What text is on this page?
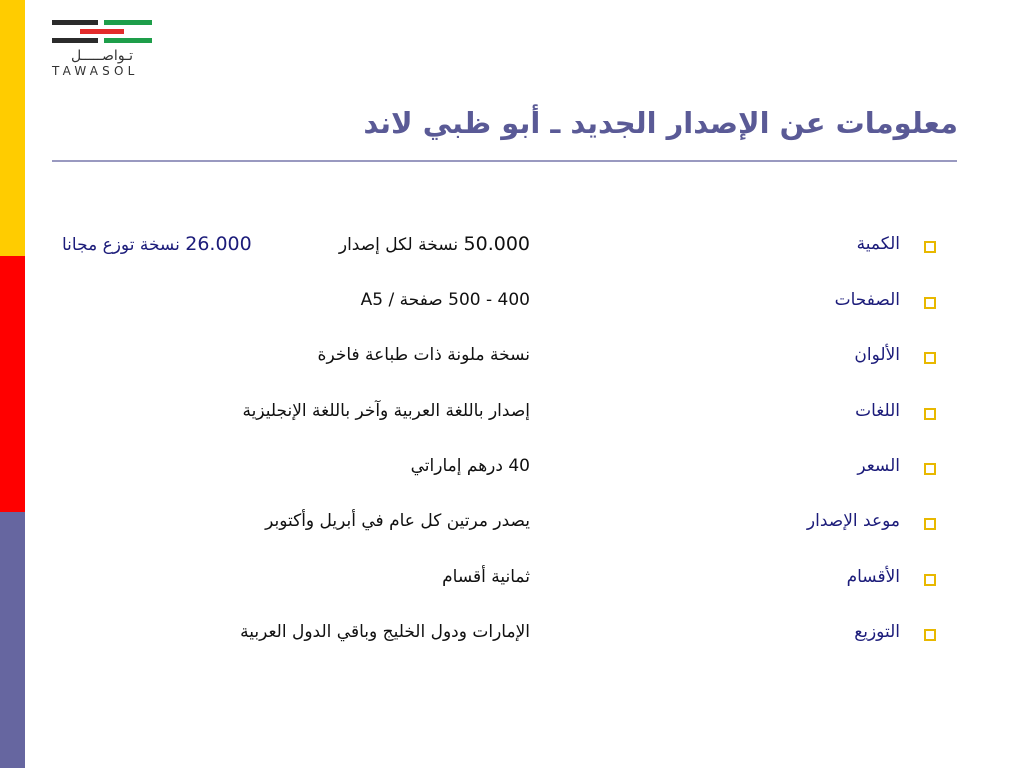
تـواصـــــل
TAWASOL
معلومات عن الإصدار الجديد ـ أبو ظبي لاند
الكمية
50.000 نسخة لكل إصدار
26.000 نسخة توزع مجانا
الصفحات
400 - 500 صفحة / A5
الألوان
نسخة ملونة ذات طباعة فاخرة
اللغات
إصدار باللغة العربية وآخر باللغة الإنجليزية
السعر
40 درهم إماراتي
موعد الإصدار
يصدر مرتين كل عام في أبريل وأكتوبر
الأقسام
ثمانية أقسام
التوزيع
الإمارات ودول الخليج وباقي الدول العربية
